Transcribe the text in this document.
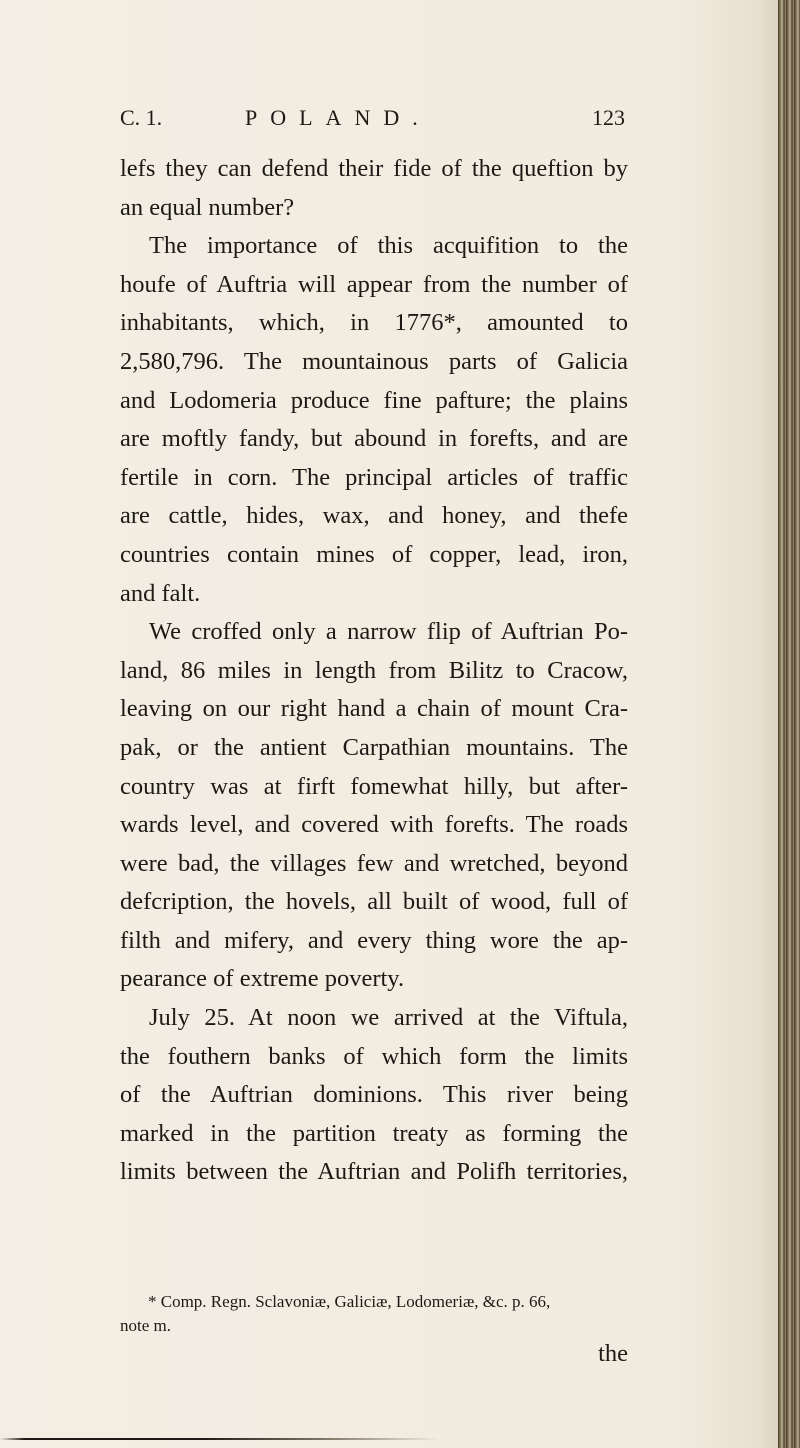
C. 1.	POLAND.	123
lefs they can defend their fide of the queftion by
an equal number?
The importance of this acquifition to the
houfe of Auftria will appear from the number of
inhabitants, which, in 1776*, amounted to
2,580,796. The mountainous parts of Galicia
and Lodomeria produce fine pafture; the plains
are moftly fandy, but abound in forefts, and are
fertile in corn. The principal articles of traffic
are cattle, hides, wax, and honey, and thefe
countries contain mines of copper, lead, iron,
and falt.
We croffed only a narrow flip of Auftrian Po-
land, 86 miles in length from Bilitz to Cracow,
leaving on our right hand a chain of mount Cra-
pak, or the antient Carpathian mountains. The
country was at firft fomewhat hilly, but after-
wards level, and covered with forefts. The roads
were bad, the villages few and wretched, beyond
defcription, the hovels, all built of wood, full of
filth and mifery, and every thing wore the ap-
pearance of extreme poverty.
July 25. At noon we arrived at the Viftula,
the fouthern banks of which form the limits
of the Auftrian dominions. This river being
marked in the partition treaty as forming the
limits between the Auftrian and Polifh territories,
* Comp. Regn. Sclavoniæ, Galiciæ, Lodomeriæ, &c. p. 66,
note m.
the
